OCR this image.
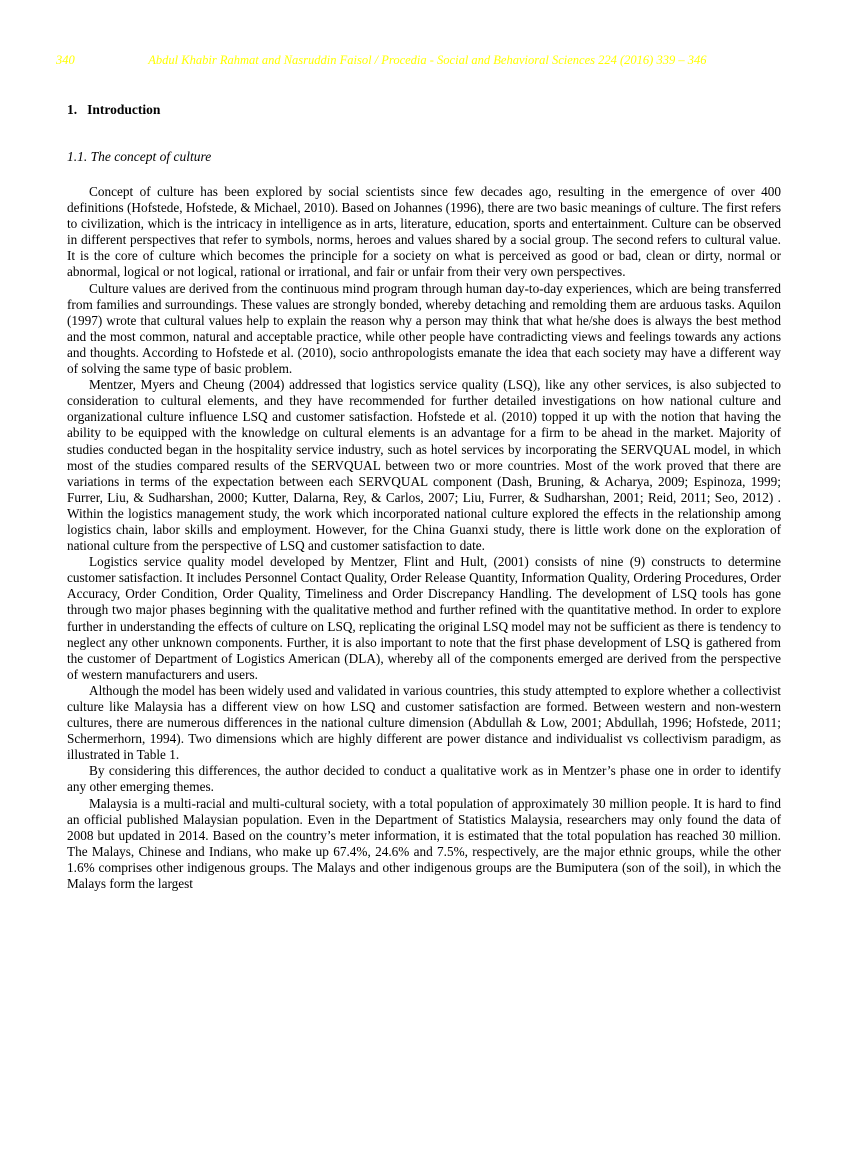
340	Abdul Khabir Rahmat and Nasruddin Faisol / Procedia - Social and Behavioral Sciences 224 (2016) 339 – 346
1. Introduction
1.1. The concept of culture

Concept of culture has been explored by social scientists since few decades ago, resulting in the emergence of over 400 definitions (Hofstede, Hofstede, & Michael, 2010). Based on Johannes (1996), there are two basic meanings of culture. The first refers to civilization, which is the intricacy in intelligence as in arts, literature, education, sports and entertainment. Culture can be observed in different perspectives that refer to symbols, norms, heroes and values shared by a social group. The second refers to cultural value. It is the core of culture which becomes the principle for a society on what is perceived as good or bad, clean or dirty, normal or abnormal, logical or not logical, rational or irrational, and fair or unfair from their very own perspectives.

Culture values are derived from the continuous mind program through human day-to-day experiences, which are being transferred from families and surroundings. These values are strongly bonded, whereby detaching and remolding them are arduous tasks. Aquilon (1997) wrote that cultural values help to explain the reason why a person may think that what he/she does is always the best method and the most common, natural and acceptable practice, while other people have contradicting views and feelings towards any actions and thoughts. According to Hofstede et al. (2010), socio anthropologists emanate the idea that each society may have a different way of solving the same type of basic problem.

Mentzer, Myers and Cheung (2004) addressed that logistics service quality (LSQ), like any other services, is also subjected to consideration to cultural elements, and they have recommended for further detailed investigations on how national culture and organizational culture influence LSQ and customer satisfaction. Hofstede et al. (2010) topped it up with the notion that having the ability to be equipped with the knowledge on cultural elements is an advantage for a firm to be ahead in the market. Majority of studies conducted began in the hospitality service industry, such as hotel services by incorporating the SERVQUAL model, in which most of the studies compared results of the SERVQUAL between two or more countries. Most of the work proved that there are variations in terms of the expectation between each SERVQUAL component (Dash, Bruning, & Acharya, 2009; Espinoza, 1999; Furrer, Liu, & Sudharshan, 2000; Kutter, Dalarna, Rey, & Carlos, 2007; Liu, Furrer, & Sudharshan, 2001; Reid, 2011; Seo, 2012) . Within the logistics management study, the work which incorporated national culture explored the effects in the relationship among logistics chain, labor skills and employment. However, for the China Guanxi study, there is little work done on the exploration of national culture from the perspective of LSQ and customer satisfaction to date.

Logistics service quality model developed by Mentzer, Flint and Hult, (2001) consists of nine (9) constructs to determine customer satisfaction. It includes Personnel Contact Quality, Order Release Quantity, Information Quality, Ordering Procedures, Order Accuracy, Order Condition, Order Quality, Timeliness and Order Discrepancy Handling. The development of LSQ tools has gone through two major phases beginning with the qualitative method and further refined with the quantitative method. In order to explore further in understanding the effects of culture on LSQ, replicating the original LSQ model may not be sufficient as there is tendency to neglect any other unknown components. Further, it is also important to note that the first phase development of LSQ is gathered from the customer of Department of Logistics American (DLA), whereby all of the components emerged are derived from the perspective of western manufacturers and users.

Although the model has been widely used and validated in various countries, this study attempted to explore whether a collectivist culture like Malaysia has a different view on how LSQ and customer satisfaction are formed. Between western and non-western cultures, there are numerous differences in the national culture dimension (Abdullah & Low, 2001; Abdullah, 1996; Hofstede, 2011; Schermerhorn, 1994). Two dimensions which are highly different are power distance and individualist vs collectivism paradigm, as illustrated in Table 1.

By considering this differences, the author decided to conduct a qualitative work as in Mentzer’s phase one in order to identify any other emerging themes.

Malaysia is a multi-racial and multi-cultural society, with a total population of approximately 30 million people. It is hard to find an official published Malaysian population. Even in the Department of Statistics Malaysia, researchers may only found the data of 2008 but updated in 2014. Based on the country’s meter information, it is estimated that the total population has reached 30 million. The Malays, Chinese and Indians, who make up 67.4%, 24.6% and 7.5%, respectively, are the major ethnic groups, while the other 1.6% comprises other indigenous groups. The Malays and other indigenous groups are the Bumiputera (son of the soil), in which the Malays form the largest
